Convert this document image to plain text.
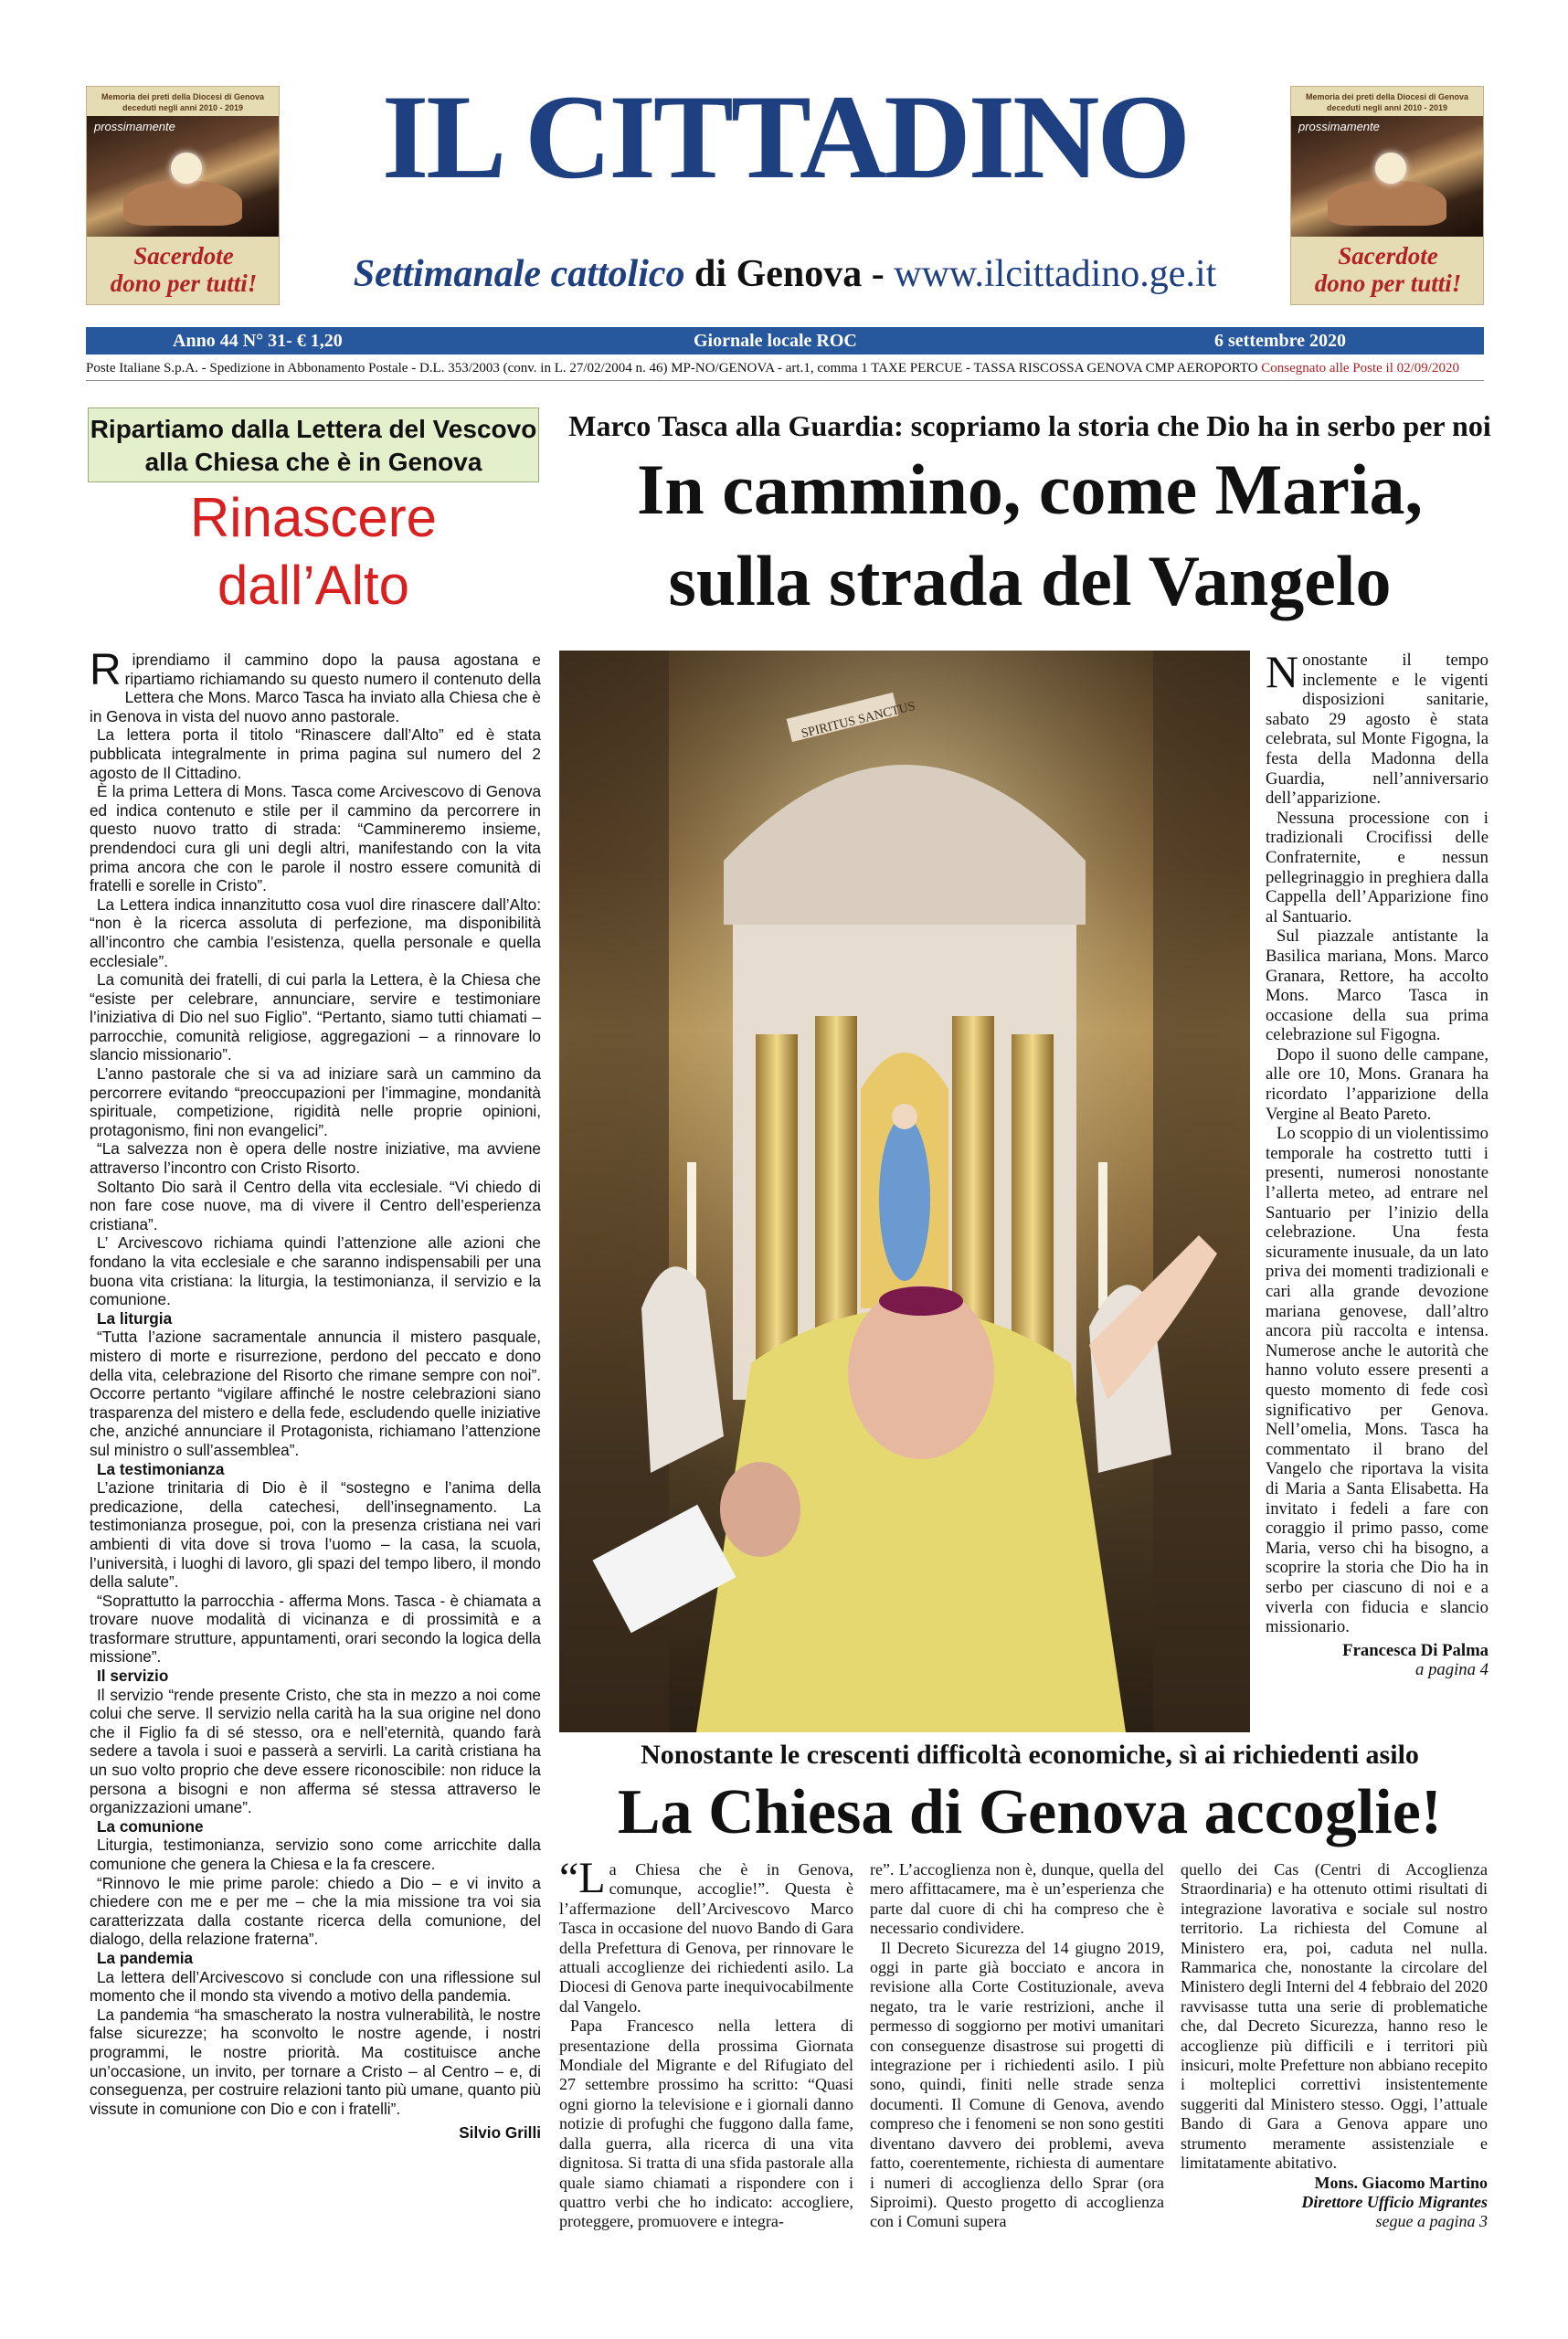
Memoria dei preti della Diocesi di Genova deceduti negli anni 2010 - 2019
prossimamente
Sacerdote
dono per tutti!
Memoria dei preti della Diocesi di Genova deceduti negli anni 2010 - 2019
prossimamente
Sacerdote
dono per tutti!
IL CITTADINO
Settimanale cattolico di Genova - www.ilcittadino.ge.it
Anno 44 N° 31- € 1,20	Giornale locale ROC	6 settembre 2020
Poste Italiane S.p.A. - Spedizione in Abbonamento Postale - D.L. 353/2003 (conv. in L. 27/02/2004 n. 46) MP-NO/GENOVA - art.1, comma 1 TAXE PERCUE - TASSA RISCOSSA GENOVA CMP AEROPORTO Consegnato alle Poste il 02/09/2020
Ripartiamo dalla Lettera del Vescovo
alla Chiesa che è in Genova
Rinascere
dall’Alto

Riprendiamo il cammino dopo la pausa agostana e ripartiamo richiamando su questo numero il contenuto della Lettera che Mons. Marco Tasca ha inviato alla Chiesa che è in Genova in vista del nuovo anno pastorale.

La lettera porta il titolo “Rinascere dall’Alto” ed è stata pubblicata integralmente in prima pagina sul numero del 2 agosto de Il Cittadino.

È la prima Lettera di Mons. Tasca come Arcivescovo di Genova ed indica contenuto e stile per il cammino da percorrere in questo nuovo tratto di strada: “Cammineremo insieme, prendendoci cura gli uni degli altri, manifestando con la vita prima ancora che con le parole il nostro essere comunità di fratelli e sorelle in Cristo”.

La Lettera indica innanzitutto cosa vuol dire rinascere dall’Alto: “non è la ricerca assoluta di perfezione, ma disponibilità all’incontro che cambia l’esistenza, quella personale e quella ecclesiale”.

La comunità dei fratelli, di cui parla la Lettera, è la Chiesa che “esiste per celebrare, annunciare, servire e testimoniare l’iniziativa di Dio nel suo Figlio”. “Pertanto, siamo tutti chiamati – parrocchie, comunità religiose, aggregazioni – a rinnovare lo slancio missionario”.

L’anno pastorale che si va ad iniziare sarà un cammino da percorrere evitando “preoccupazioni per l’immagine, mondanità spirituale, competizione, rigidità nelle proprie opinioni, protagonismo, fini non evangelici”.

“La salvezza non è opera delle nostre iniziative, ma avviene attraverso l’incontro con Cristo Risorto.

Soltanto Dio sarà il Centro della vita ecclesiale. “Vi chiedo di non fare cose nuove, ma di vivere il Centro dell’esperienza cristiana”.

L’ Arcivescovo richiama quindi l’attenzione alle azioni che fondano la vita ecclesiale e che saranno indispensabili per una buona vita cristiana: la liturgia, la testimonianza, il servizio e la comunione.

La liturgia

“Tutta l’azione sacramentale annuncia il mistero pasquale, mistero di morte e risurrezione, perdono del peccato e dono della vita, celebrazione del Risorto che rimane sempre con noi”. Occorre pertanto “vigilare affinché le nostre celebrazioni siano trasparenza del mistero e della fede, escludendo quelle iniziative che, anziché annunciare il Protagonista, richiamano l’attenzione sul ministro o sull’assemblea”.

La testimonianza

L’azione trinitaria di Dio è il “sostegno e l’anima della predicazione, della catechesi, dell’insegnamento. La testimonianza prosegue, poi, con la presenza cristiana nei vari ambienti di vita dove si trova l’uomo – la casa, la scuola, l’università, i luoghi di lavoro, gli spazi del tempo libero, il mondo della salute”.

“Soprattutto la parrocchia - afferma Mons. Tasca - è chiamata a trovare nuove modalità di vicinanza e di prossimità e a trasformare strutture, appuntamenti, orari secondo la logica della missione”.

Il servizio

Il servizio “rende presente Cristo, che sta in mezzo a noi come colui che serve. Il servizio nella carità ha la sua origine nel dono che il Figlio fa di sé stesso, ora e nell’eternità, quando farà sedere a tavola i suoi e passerà a servirli. La carità cristiana ha un suo volto proprio che deve essere riconoscibile: non riduce la persona a bisogni e non afferma sé stessa attraverso le organizzazioni umane”.

La comunione

Liturgia, testimonianza, servizio sono come arricchite dalla comunione che genera la Chiesa e la fa crescere.

“Rinnovo le mie prime parole: chiedo a Dio – e vi invito a chiedere con me e per me – che la mia missione tra voi sia caratterizzata dalla costante ricerca della comunione, del dialogo, della relazione fraterna”.

La pandemia

La lettera dell’Arcivescovo si conclude con una riflessione sul momento che il mondo sta vivendo a motivo della pandemia.

La pandemia “ha smascherato la nostra vulnerabilità, le nostre false sicurezze; ha sconvolto le nostre agende, i nostri programmi, le nostre priorità. Ma costituisce anche un’occasione, un invito, per tornare a Cristo – al Centro – e, di conseguenza, per costruire relazioni tanto più umane, quanto più vissute in comunione con Dio e con i fratelli”.

Silvio Grilli
Marco Tasca alla Guardia: scopriamo la storia che Dio ha in serbo per noi
In cammino, come Maria,
sulla strada del Vangelo
SPIRITUS SANCTUS

Nonostante il tempo inclemente e le vigenti disposizioni sanitarie, sabato 29 agosto è stata celebrata, sul Monte Figogna, la festa della Madonna della Guardia, nell’anniversario dell’apparizione.

Nessuna processione con i tradizionali Crocifissi delle Confraternite, e nessun pellegrinaggio in preghiera dalla Cappella dell’Apparizione fino al Santuario.

Sul piazzale antistante la Basilica mariana, Mons. Marco Granara, Rettore, ha accolto Mons. Marco Tasca in occasione della sua prima celebrazione sul Figogna.

Dopo il suono delle campane, alle ore 10, Mons. Granara ha ricordato l’apparizione della Vergine al Beato Pareto.

Lo scoppio di un violentissimo temporale ha costretto tutti i presenti, numerosi nonostante l’allerta meteo, ad entrare nel Santuario per l’inizio della celebrazione. Una festa sicuramente inusuale, da un lato priva dei momenti tradizionali e cari alla grande devozione mariana genovese, dall’altro ancora più raccolta e intensa. Numerose anche le autorità che hanno voluto essere presenti a questo momento di fede così significativo per Genova. Nell’omelia, Mons. Tasca ha commentato il brano del Vangelo che riportava la visita di Maria a Santa Elisabetta. Ha invitato i fedeli a fare con coraggio il primo passo, come Maria, verso chi ha bisogno, a scoprire la storia che Dio ha in serbo per ciascuno di noi e a viverla con fiducia e slancio missionario.

Francesca Di Palma
a pagina 4
Nonostante le crescenti difficoltà economiche, sì ai richiedenti asilo
La Chiesa di Genova accoglie!

“La Chiesa che è in Genova, comunque, accoglie!”. Questa è l’affermazione dell’Arcivescovo Marco Tasca in occasione del nuovo Bando di Gara della Prefettura di Genova, per rinnovare le attuali accoglienze dei richiedenti asilo. La Diocesi di Genova parte inequivocabilmente dal Vangelo.

Papa Francesco nella lettera di presentazione della prossima Giornata Mondiale del Migrante e del Rifugiato del 27 settembre prossimo ha scritto: “Quasi ogni giorno la televisione e i giornali danno notizie di profughi che fuggono dalla fame, dalla guerra, alla ricerca di una vita dignitosa. Si tratta di una sfida pastorale alla quale siamo chiamati a rispondere con i quattro verbi che ho indicato: accogliere, proteggere, promuovere e integra-

re”. L’accoglienza non è, dunque, quella del mero affittacamere, ma è un’esperienza che parte dal cuore di chi ha compreso che è necessario condividere.

Il Decreto Sicurezza del 14 giugno 2019, oggi in parte già bocciato e ancora in revisione alla Corte Costituzionale, aveva negato, tra le varie restrizioni, anche il permesso di soggiorno per motivi umanitari con conseguenze disastrose sui progetti di integrazione per i richiedenti asilo. I più sono, quindi, finiti nelle strade senza documenti. Il Comune di Genova, avendo compreso che i fenomeni se non sono gestiti diventano davvero dei problemi, aveva fatto, coerentemente, richiesta di aumentare i numeri di accoglienza dello Sprar (ora Siproimi). Questo progetto di accoglienza con i Comuni supera

quello dei Cas (Centri di Accoglienza Straordinaria) e ha ottenuto ottimi risultati di integrazione lavorativa e sociale sul nostro territorio. La richiesta del Comune al Ministero era, poi, caduta nel nulla. Rammarica che, nonostante la circolare del Ministero degli Interni del 4 febbraio del 2020 ravvisasse tutta una serie di problematiche che, dal Decreto Sicurezza, hanno reso le accoglienze più difficili e i territori più insicuri, molte Prefetture non abbiano recepito i molteplici correttivi insistentemente suggeriti dal Ministero stesso. Oggi, l’attuale Bando di Gara a Genova appare uno strumento meramente assistenziale e limitatamente abitativo.

Mons. Giacomo Martino
Direttore Ufficio Migrantes
segue a pagina 3
